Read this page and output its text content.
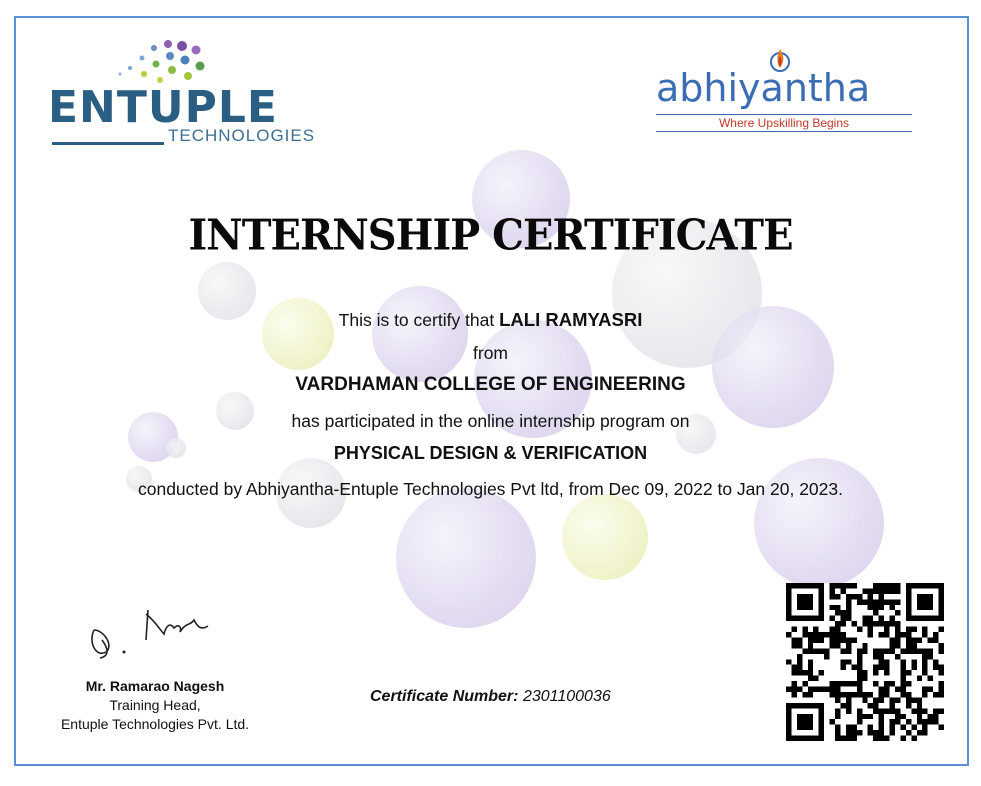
ENTUPLE
TECHNOLOGIES
abhiyantha
Where Upskilling Begins
INTERNSHIP CERTIFICATE
This is to certify that LALI RAMYASRI
from
VARDHAMAN COLLEGE OF ENGINEERING
has participated in the online internship program on
PHYSICAL DESIGN & VERIFICATION
conducted by Abhiyantha-Entuple Technologies Pvt ltd, from Dec 09, 2022 to Jan 20, 2023.
Mr. Ramarao Nagesh
Training Head,
Entuple Technologies Pvt. Ltd.
Certificate Number: 2301100036
